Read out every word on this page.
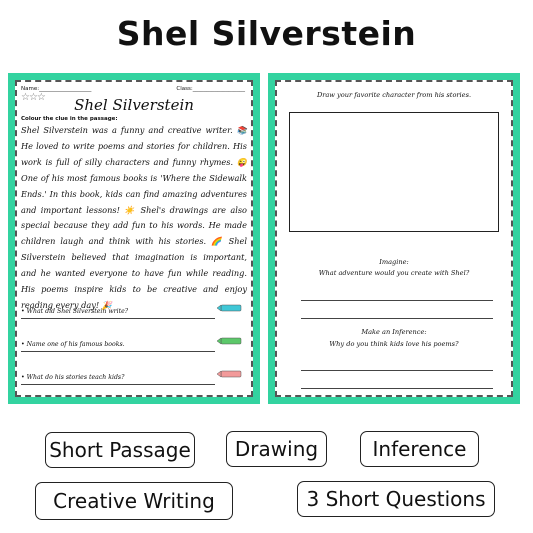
Shel Silverstein
Name:___________________	Class:___________________
☆☆☆	Shel Silverstein
Colour the clue in the passage:
Shel Silverstein was a funny and creative writer. 📚 He loved to write poems and stories for children. His work is full of silly characters and funny rhymes. 😜 One of his most famous books is 'Where the Sidewalk Ends.' In this book, kids can find amazing adventures and important lessons! ☀️ Shel's drawings are also special because they add fun to his words. He made children laugh and think with his stories. 🌈 Shel Silverstein believed that imagination is important, and he wanted everyone to have fun while reading. His poems inspire kids to be creative and enjoy reading every day! 🎉
• What did Shel Silverstein write?
• Name one of his famous books.
• What do his stories teach kids?
Draw your favorite character from his stories.
Imagine:
What adventure would you create with Shel?
Make an Inference:
Why do you think kids love his poems?
Short Passage	Drawing	Inference
Creative Writing	3 Short Questions
